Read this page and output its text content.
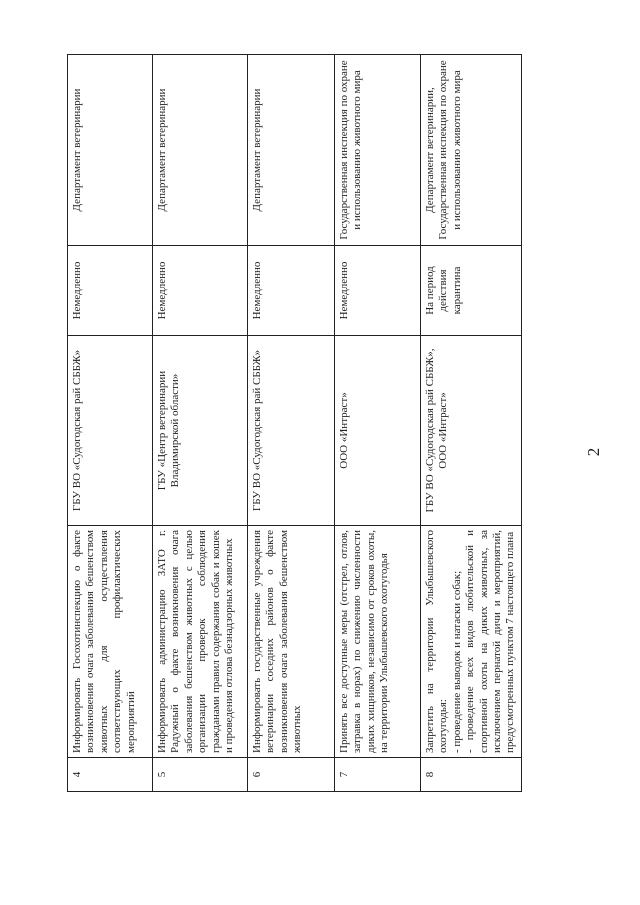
2
4	Информировать Госохотинспекцию о факте возникновения очага заболевания бешенством животных для осуществления соответствующих профилактических мероприятий	ГБУ ВО «Судогодская рай СББЖ»	Немедленно	Департамент ветеринарии
5	Информировать администрацию ЗАТО г. Радужный о факте возникновения очага заболевания бешенством животных с целью организации проверок соблюдения гражданами правил содержания собак и кошек и проведения отлова безнадзорных животных	ГБУ «Центр ветеринарии Владимирской области»	Немедленно	Департамент ветеринарии
6	Информировать государственные учреждения ветеринарии соседних районов о факте возникновения очага заболевания бешенством животных	ГБУ ВО «Судогодская рай СББЖ»	Немедленно	Департамент ветеринарии
7	Принять все доступные меры (отстрел, отлов, затравка в норах) по снижению численности диких хищников, независимо от сроков охоты, на территории Улыбышевского охотугодья	ООО «Интраст»	Немедленно	Государственная инспекция по охране и использованию животного мира
8	Запретить на территории Улыбышевского охотугодья: - проведение выводок и натаски собак; - проведение всех видов любительской и спортивной охоты на диких животных, за исключением пернатой дичи и мероприятий, предусмотренных пунктом 7 настоящего плана	ГБУ ВО «Судогодская рай СББЖ», ООО «Интраст»	На период действия карантина	Департамент ветеринарии, Государственная инспекция по охране и использованию животного мира
